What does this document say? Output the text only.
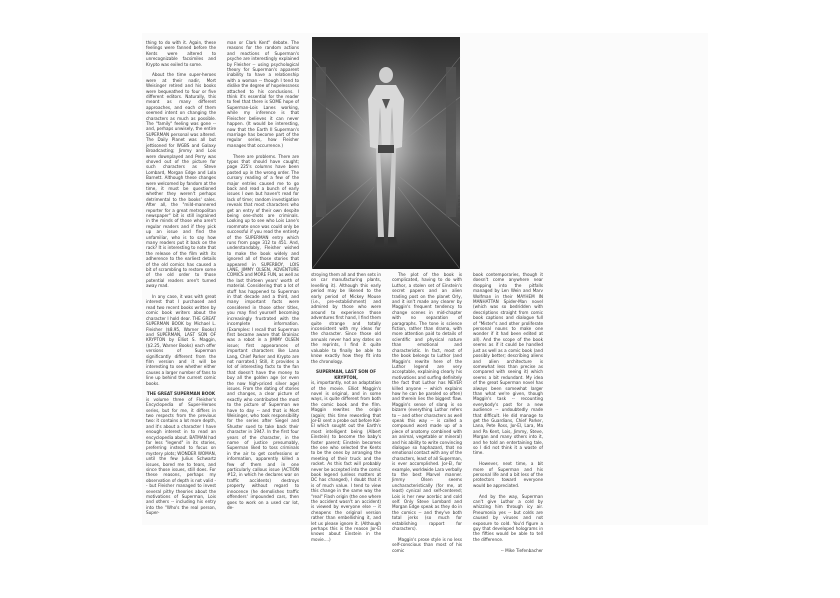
thing to do with it. Again, these feelings were fanned before the Kents were altered to unrecognizable facsimiles and Krypto was exiled to some.

About the time super-heroes were at their nadir, Mort Weisinger retired and his books were bequeathed to four or five different editors. Naturally, this meant as many different approaches, and each of them seemed intent on changing the characters as much as possible. The "family" feeling was gone -- and, perhaps unwisely, the entire SUPERMAN personal was altered. The Daily Planet was all but jettisoned for WGBS and Galaxy Broadcasting; Jimmy and Lois were downplayed and Perry was shoved out of the picture for such characters as Steve Lombard, Morgan Edge and Lola Barnett. Although these changes were welcomed by fandom at the time, it must be questioned whether they weren't perhaps detrimental to the books' sales. After all, the "mild-mannered reporter for a great metropolitan newspaper" bit is still ingrained in the minds of those who aren't regular readers and if they pick up an issue and find the unfamiliar, who is to say how many readers put it back on the rack? It is interesting to note that the release of the film with its adherence to the earliest details of the old comics has caused a bit of scrambling to restore some of the old order to those potential readers aren't turned away mad.

In any case, it was with great interest that I purchased and read two recent books written by comic book writers about the character I hold dear. THE GREAT SUPERMAN BOOK by Michael L. Fleisher ($8.95, Warner Books) and SUPERMAN, LAST SON OF KRYPTON by Elliot S. Maggin, ($2.25, Warner Books) each offer versions of Superman significantly different from the film version and it will be interesting to see whether either causes a larger number of fans to line up behind the current comic books.

THE GREAT SUPERMAN BOOK

is volume three of Fleisher's Encyclopedia of Super-Heroes series, but for me, it differs in two respects from the previous two: it contains a lot more depth, and it's about a character I have enough interest in to read an encyclopedia about. BATMAN had far less "legend" in its stories, preferring instead to focus on mystery plots; WONDER WOMAN, until the few Julius Schwartz issues, bored me to tears, and since those issues, still does. For these reasons, perhaps my observation of depth is not valid -- but Fleisher managed to invest several pithy theories about the motivations of Superman, Lois and others -- including his entry into the "Who's the real person, Super-

man or Clark Kent" debate. The reasons for the random actions and reactions of Superman's psyche are interestingly explained by Fleisher -- using psychological theory for Superman's apparent inability to have a relationship with a woman -- though I tend to dislike the degree of hopelessness attached to his conclusions. I think it's essential for the reader to feel that there is SOME hope of Superman-Lois Lanes working, while my inference is that Fleischer believes it can never happen. (It would be interesting, now that the Earth II Superman's marriage has become part of the regular series, how Fleisher manages that occurrence.)

There are problems. There are typos that should have caught; page 225's columns have been pasted up in the wrong order. The cursory reading of a few of the major entries caused me to go back and read a bunch of early issues I own but haven't read for lack of time; random investigation reveals that most characters who get an entry of their own despite being one-shots are criminals. Looking up to see who Lois Lane's roommate once was could only be successful if you read the entirety of the SUPERMAN entry which runs from page 312 to 451. And, understandably, Fleisher wished to make the book widely and ignored all of those stories that appeared in SUPERBOY, LOIS LANE, JIMMY OLSEN, ADVENTURE COMICS and MORE FUN, as well as the last thirteen years' worth of material. Considering that a lot of stuff has happened to Superman in that decade and a third, and many important facts were considered in those other titles, you may find yourself becoming increasingly frustrated with the incomplete information. (Examples: I recall that Superman first became aware that Brainiac was a robot in a JIMMY OLSEN issue; first appearances of important characters like Lana Lang, Chief Parker and Krypto are not narrated.) Still, it provides a lot of interesting facts to the fan that doesn't have the money to buy all the golden age (or even the now high-priced silver age) issues. From the dating of stories and changes, a clear picture of exactly who contributed the most to the picture of Superman we have to day -- and that is Mort Weisinger, who took responsibility for the series after Siegel and Shuster sued to take back their character in 1947. In the first four years of the character, in the name of justice presumably, Superman liked to toss criminals in the air to get confessions or information, apparently killed a few of them and in one particularly callous issue (ACTION #12, in which he declares war on traffic accidents) destroys property without regard to innocence (he demolishes traffic offenders' impounded cars, then goes to work on a used car lot, de-

© 1978 DC COMICS INC

stroying them all and then sets in on car manufacturing plants, levelling it). Although this early period may be likened to the early period of Mickey Mouse (i.e., pre-establishment) and admired by those who were around to experience those adventures first hand, I find them quite strange and totally inconsistent with my ideas for the character. Since those old annuals never had any dates on the reprints, I find it quite valuable to finally be able to know exactly how they fit into the chronology.

SUPERMAN, LAST SON OF KRYPTON,

is, importantly, not an adaptation of the movie. Elliot Maggin's novel is original, and in some ways, is quite different from both the comic book and the film. Maggin rewrites the origin (again; this time rewording that Jor-El sent a probe out before Kal-El which sought out the Earth's most intelligent being (Albert Einstein) to become the baby's foster parent; Einstein becomes the one who selected the Kents to be the ones by arranging the meeting of their truck and the rocket. As this fact will probably never be accepted into the comic book legend (unless matters at DC has changed), I doubt that it is of much value. I tend to view this change in the same way the "real" Flash origin (the one where the accident wasn't an accident) is viewed by everyone else -- it cheapens the original version rather than embellishing it, and let us please ignore it. (Although perhaps this is the reason Jor-El knows about Einstein in the movie....)

The plot of the book is complicated, having to do with Luthor, a stolen set of Einstein's secret papers and an alien trading post on the planet Orly, and it isn't made any clearer by Maggin's frequent tendency to change scenes in mid-chapter with no separation of paragraphs. The tone is science fiction, rather than drama, with more attention paid to details of scientific and physical nature than emotional and characteristic. In fact, most of the book belongs to Luthor (and Maggin's rewrite here of the Luthor legend are very acceptable, explaining clearly his motivations and surfing definitely the fact that Luthor has NEVER killed anyone -- which explains how he can be paroled so often) and therein lies the biggest flaw. Maggin's sense of slang is so bizarre (everything Luthor refers to -- and other characters as well speak this way -- is called a compound word made up of a piece of anatomy combined with an animal, vegetable or mineral) and his ability to write convincing dialogue so haphazard, that no emotional contact with any of the characters, least of all Superman, is ever accomplished. Jor-El, for example, worldwide Lara verbally to the best Marvel manner. Jimmy Olsen seems uncharacteristically (for me, at least) cynical and self-centered; Lois is her new acerbic and cold self. Only Steve Lombard and Morgan Edge speak as they do in the comics -- and they've both total jerks (so much for establishing rapport for characters).

Maggin's prose style is no less self-conscious than most of his comic

book contemporaries, though it doesn't come anywhere near dropping into the pitfalls managed by Len Wein and Marv Wolfman in their MAYHEM IN MANHATTAN Spider-Man novel (which was so bedridden with descriptions straight from comic book captions and dialogue full of "Mister"s and other proliferate personal nouns to make one wonder if it had been edited at all). And the scope of the book seems as if it could be handled just as well as a comic book (and possibly better; describing aliens and alien architecture is somewhat less than precise as compared with seeing it) which seems a bit redundant. My idea of the great Superman novel has always been somewhat larger than what we're given, though Maggin's task -- recounting everybody's past for a new audience -- undoubtedly made that difficult. He did manage to get the Guardians, Chief Parker, Lana, Pete Ross, Jor-El, Lara, Ma and Pa Kent, Lois, Jimmy, Steve, Morgan and many others into it, and he told an entertaining tale, so I did not think it a waste of time.

However, next time, a bit more of Superman and his personal life and a bit less of the protectors toward everyone would be appreciated.

And by the way, Superman can't give Luthor a cold by whizzing him through icy air. Pneumonia yes -- but colds are caused by viruses and not exposure to cold. You'd figure a guy that developed holograms in the fifties would be able to tell the difference.

-- Mike Tiefenbacher
